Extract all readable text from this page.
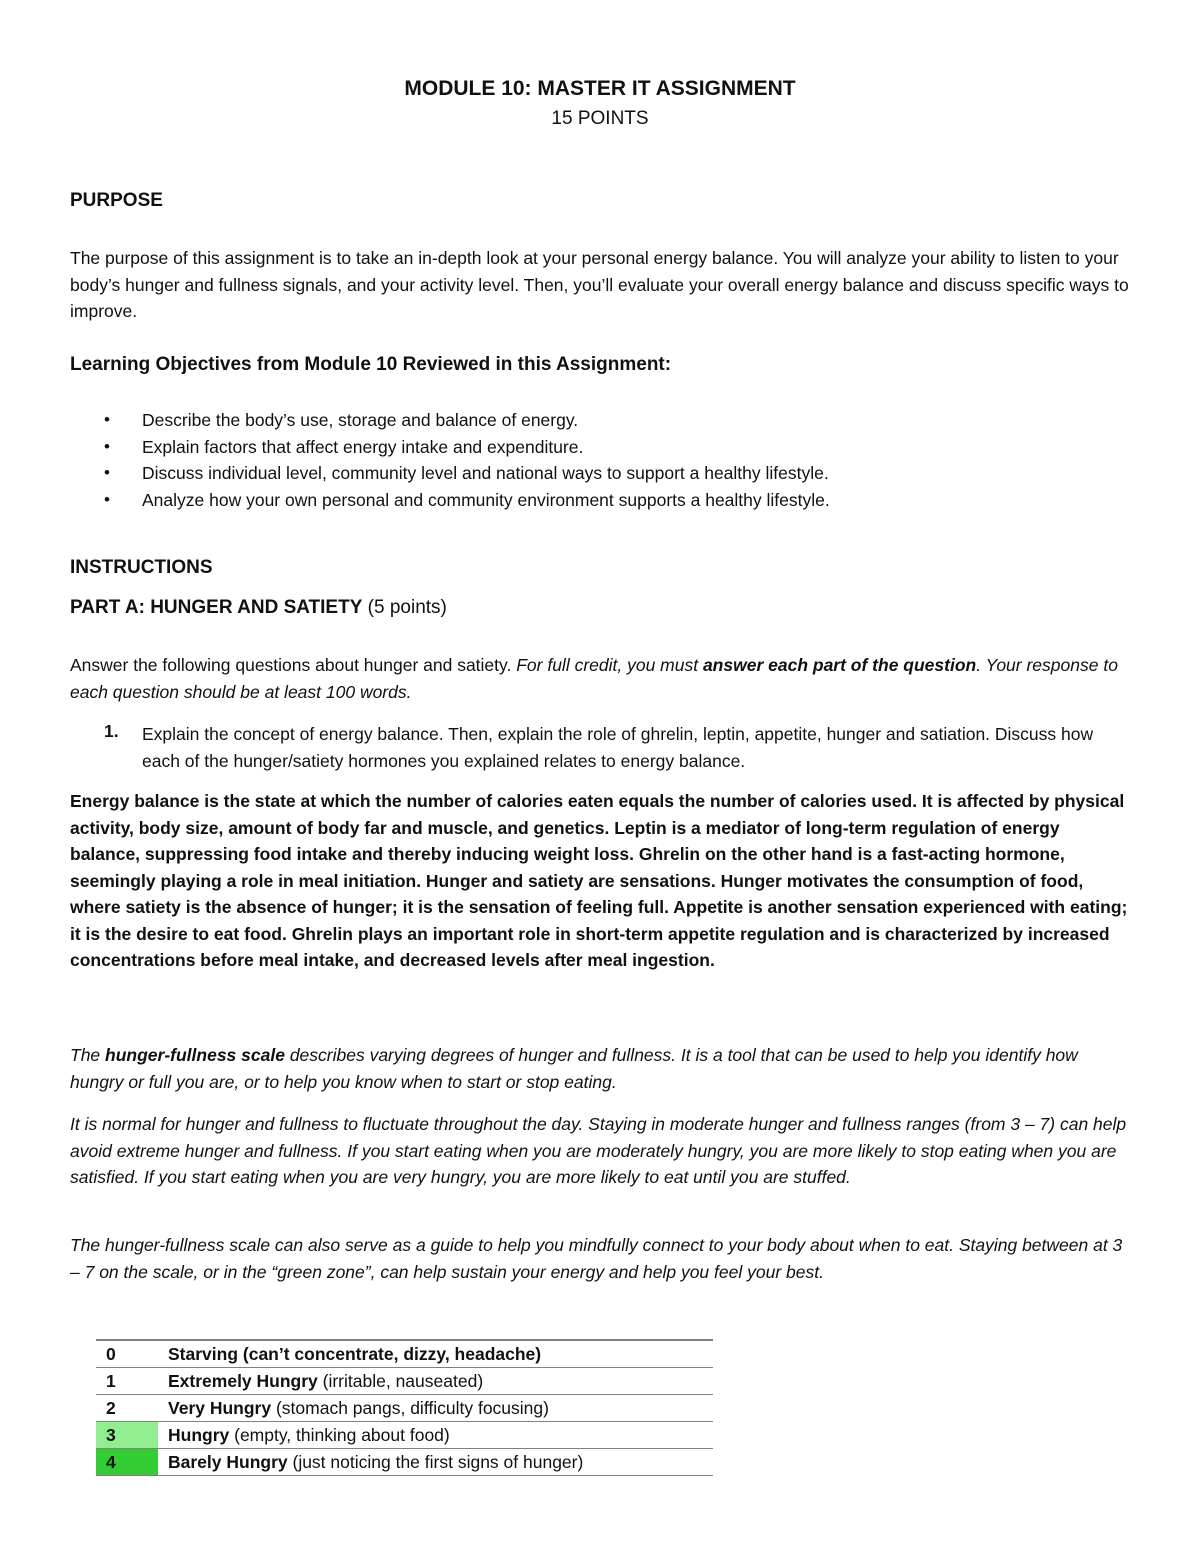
MODULE 10: MASTER IT ASSIGNMENT
15 POINTS
PURPOSE

The purpose of this assignment is to take an in-depth look at your personal energy balance. You will analyze your ability to listen to your body’s hunger and fullness signals, and your activity level. Then, you’ll evaluate your overall energy balance and discuss specific ways to improve.

Learning Objectives from Module 10 Reviewed in this Assignment:
• Describe the body’s use, storage and balance of energy.
• Explain factors that affect energy intake and expenditure.
• Discuss individual level, community level and national ways to support a healthy lifestyle.
• Analyze how your own personal and community environment supports a healthy lifestyle.
INSTRUCTIONS
PART A: HUNGER AND SATIETY (5 points)

Answer the following questions about hunger and satiety. For full credit, you must answer each part of the question. Your response to each question should be at least 100 words.

1. Explain the concept of energy balance. Then, explain the role of ghrelin, leptin, appetite, hunger and satiation. Discuss how each of the hunger/satiety hormones you explained relates to energy balance.

Energy balance is the state at which the number of calories eaten equals the number of calories used. It is affected by physical activity, body size, amount of body far and muscle, and genetics. Leptin is a mediator of long-term regulation of energy balance, suppressing food intake and thereby inducing weight loss. Ghrelin on the other hand is a fast-acting hormone, seemingly playing a role in meal initiation. Hunger and satiety are sensations. Hunger motivates the consumption of food, where satiety is the absence of hunger; it is the sensation of feeling full. Appetite is another sensation experienced with eating; it is the desire to eat food. Ghrelin plays an important role in short-term appetite regulation and is characterized by increased concentrations before meal intake, and decreased levels after meal ingestion.

The hunger-fullness scale describes varying degrees of hunger and fullness. It is a tool that can be used to help you identify how hungry or full you are, or to help you know when to start or stop eating.

It is normal for hunger and fullness to fluctuate throughout the day. Staying in moderate hunger and fullness ranges (from 3 – 7) can help avoid extreme hunger and fullness. If you start eating when you are moderately hungry, you are more likely to stop eating when you are satisfied. If you start eating when you are very hungry, you are more likely to eat until you are stuffed.

The hunger-fullness scale can also serve as a guide to help you mindfully connect to your body about when to eat. Staying between at 3 – 7 on the scale, or in the “green zone”, can help sustain your energy and help you feel your best.

0	Starving (can’t concentrate, dizzy, headache)
1	Extremely Hungry (irritable, nauseated)
2	Very Hungry (stomach pangs, difficulty focusing)
3	Hungry (empty, thinking about food)
4	Barely Hungry (just noticing the first signs of hunger)
